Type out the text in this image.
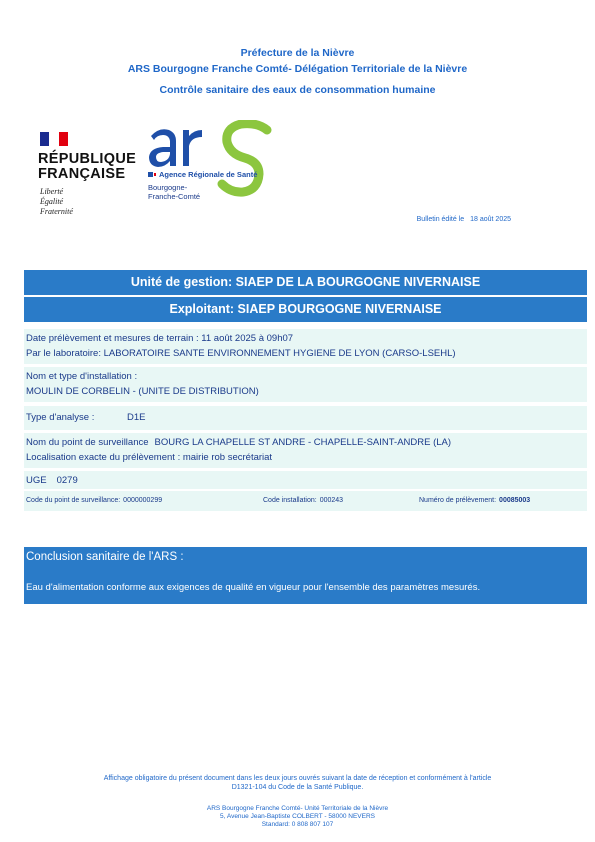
Préfecture de la Nièvre
ARS Bourgogne Franche Comté- Délégation Territoriale de la Nièvre
Contrôle sanitaire des eaux de consommation humaine
RÉPUBLIQUE
FRANÇAISE
Liberté
Égalité
Fraternité
Agence Régionale de Santé
Bourgogne-
Franche-Comté
Bulletin édité le 18 août 2025
Unité de gestion: SIAEP DE LA BOURGOGNE NIVERNAISE
Exploitant: SIAEP BOURGOGNE NIVERNAISE
Date prélèvement et mesures de terrain : 11 août 2025 à 09h07
Par le laboratoire: LABORATOIRE SANTE ENVIRONNEMENT HYGIENE DE LYON (CARSO-LSEHL)
Nom et type d'installation :
MOULIN DE CORBELIN - (UNITE DE DISTRIBUTION)
Type d'analyse :	D1E
Nom du point de surveillance BOURG LA CHAPELLE ST ANDRE - CHAPELLE-SAINT-ANDRE (LA)
Localisation exacte du prélèvement : mairie rob secrétariat
UGE 0279
Code du point de surveillance: 0000000299	Code installation: 000243	Numéro de prélèvement: 00085003
Conclusion sanitaire de l'ARS :
Eau d'alimentation conforme aux exigences de qualité en vigueur pour l'ensemble des paramètres mesurés.
Affichage obligatoire du présent document dans les deux jours ouvrés suivant la date de réception et conformément à l'article
D1321-104 du Code de la Santé Publique.
ARS Bourgogne Franche Comté- Unité Territoriale de la Nièvre
5, Avenue Jean-Baptiste COLBERT - 58000 NEVERS
Standard: 0 808 807 107
